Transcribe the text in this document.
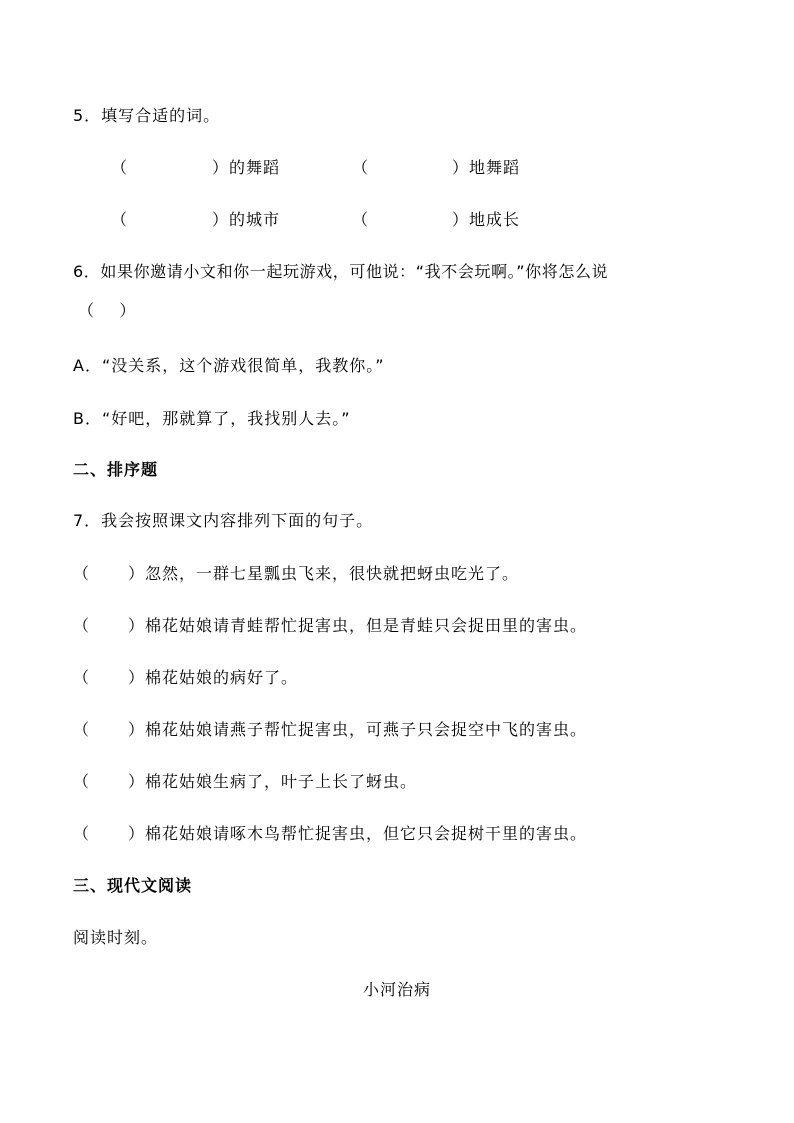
5．填写合适的词。
（	）的舞蹈	（	）地舞蹈
（	）的城市	（	）地成长
6．如果你邀请小文和你一起玩游戏，可他说：“我不会玩啊。”你将怎么说
（    ）
A．“没关系，这个游戏很简单，我教你。”
B．“好吧，那就算了，我找别人去。”
二、排序题
7．我会按照课文内容排列下面的句子。
（ ）忽然，一群七星瓢虫飞来，很快就把蚜虫吃光了。
（ ）棉花姑娘请青蛙帮忙捉害虫，但是青蛙只会捉田里的害虫。
（ ）棉花姑娘的病好了。
（ ）棉花姑娘请燕子帮忙捉害虫，可燕子只会捉空中飞的害虫。
（ ）棉花姑娘生病了，叶子上长了蚜虫。
（ ）棉花姑娘请啄木鸟帮忙捉害虫，但它只会捉树干里的害虫。
三、现代文阅读
阅读时刻。
小河治病
